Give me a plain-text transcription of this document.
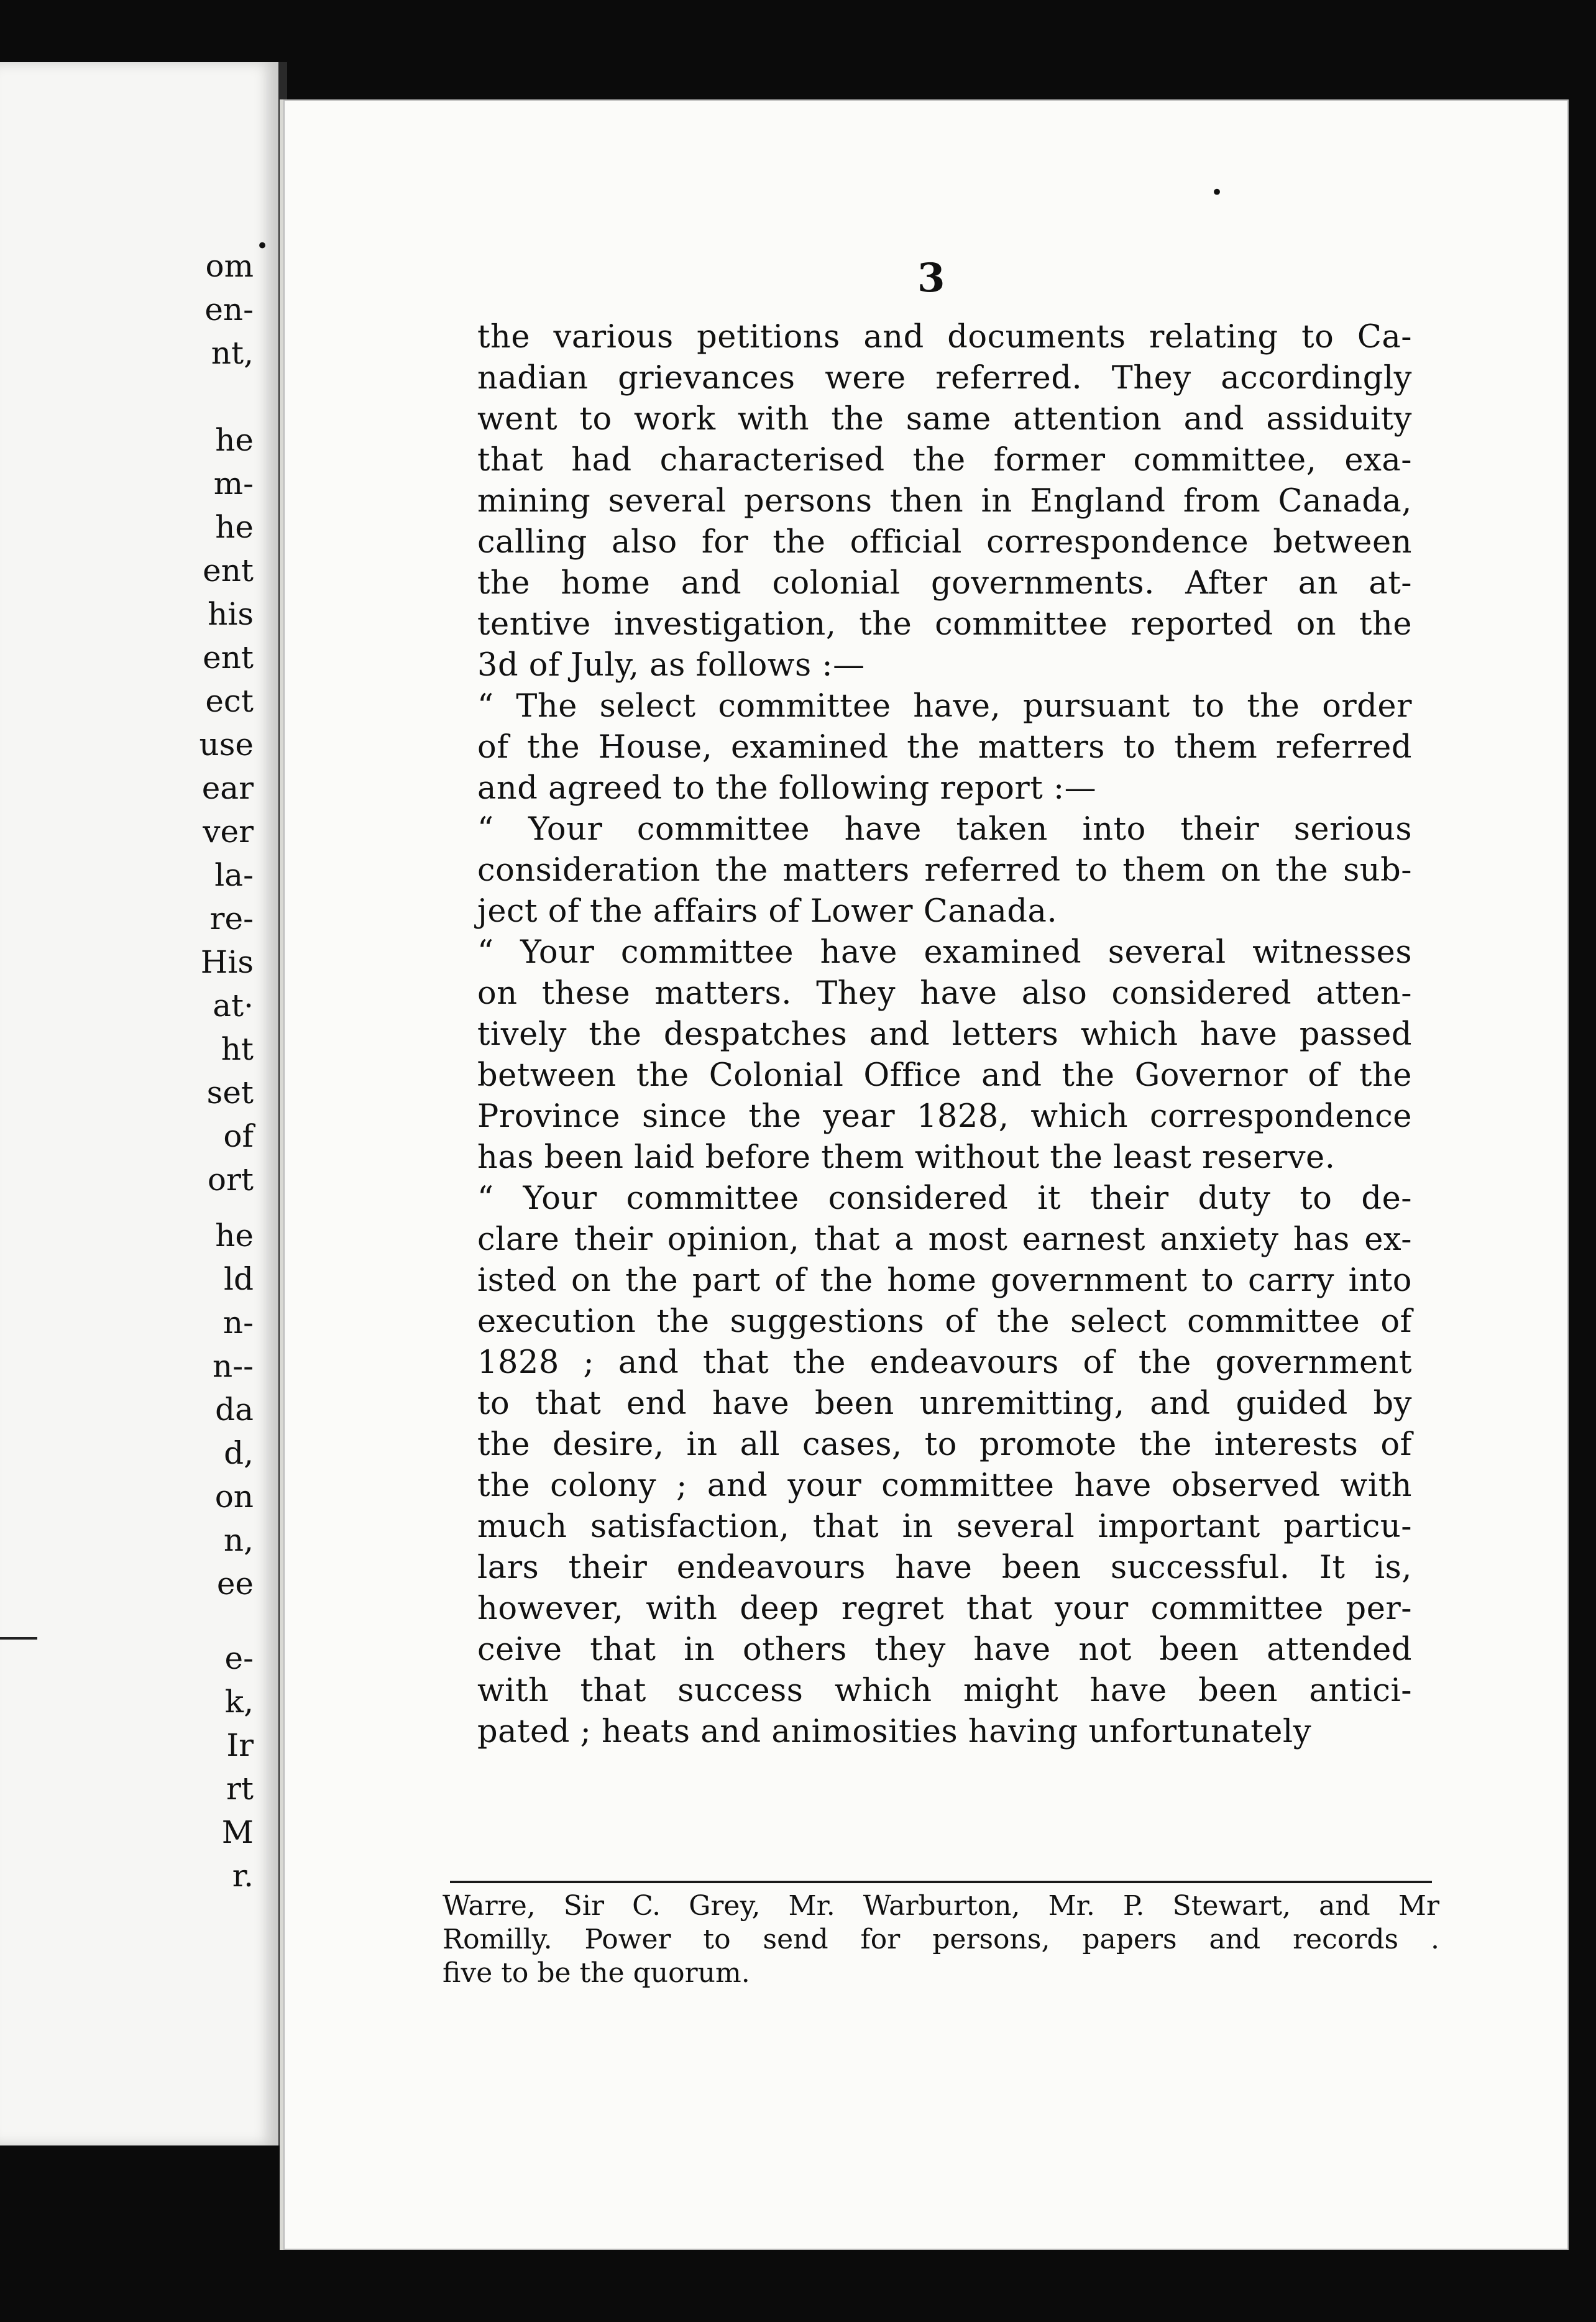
om
en-
nt,
he
m-
he
ent
his
ent
ect
use
ear
ver
la-
re-
His
at·
ht
set
of
ort
he
ld
n-
n--
da
d,
on
n,
ee
e-
k,
Ir
rt
M
r.
3
the various petitions and documents relating to Ca-
nadian grievances were referred. They accordingly
went to work with the same attention and assiduity
that had characterised the former committee, exa-
mining several persons then in England from Canada,
calling also for the official correspondence between
the home and colonial governments. After an at-
tentive investigation, the committee reported on the
3d of July, as follows :—
“ The select committee have, pursuant to the order
of the House, examined the matters to them referred
and agreed to the following report :—
“ Your committee have taken into their serious
consideration the matters referred to them on the sub-
ject of the affairs of Lower Canada.
“ Your committee have examined several witnesses
on these matters. They have also considered atten-
tively the despatches and letters which have passed
between the Colonial Office and the Governor of the
Province since the year 1828, which correspondence
has been laid before them without the least reserve.
“ Your committee considered it their duty to de-
clare their opinion, that a most earnest anxiety has ex-
isted on the part of the home government to carry into
execution the suggestions of the select committee of
1828 ; and that the endeavours of the government
to that end have been unremitting, and guided by
the desire, in all cases, to promote the interests of
the colony ; and your committee have observed with
much satisfaction, that in several important particu-
lars their endeavours have been successful. It is,
however, with deep regret that your committee per-
ceive that in others they have not been attended
with that success which might have been antici-
pated ; heats and animosities having unfortunately
Warre, Sir C. Grey, Mr. Warburton, Mr. P. Stewart, and Mr
Romilly. Power to send for persons, papers and records .
five to be the quorum.
•
•
